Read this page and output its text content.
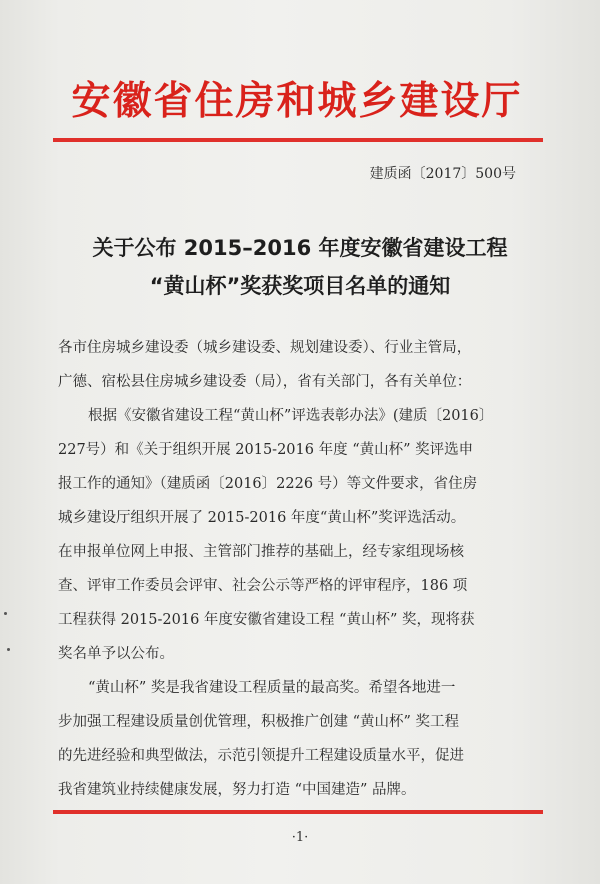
安徽省住房和城乡建设厅
建质函〔2017〕500号
关于公布 2015–2016 年度安徽省建设工程
“黄山杯”奖获奖项目名单的通知
各市住房城乡建设委（城乡建设委、规划建设委）、行业主管局，
广德、宿松县住房城乡建设委（局），省有关部门，各有关单位：
根据《安徽省建设工程“黄山杯”评选表彰办法》(建质〔2016〕
227号）和《关于组织开展 2015-2016 年度 “黄山杯” 奖评选申
报工作的通知》（建质函〔2016〕2226 号）等文件要求，省住房
城乡建设厅组织开展了 2015-2016 年度“黄山杯”奖评选活动。
在申报单位网上申报、主管部门推荐的基础上，经专家组现场核
查、评审工作委员会评审、社会公示等严格的评审程序，186 项
工程获得 2015-2016 年度安徽省建设工程 “黄山杯” 奖，现将获
奖名单予以公布。
“黄山杯” 奖是我省建设工程质量的最高奖。希望各地进一
步加强工程建设质量创优管理，积极推广创建 “黄山杯” 奖工程
的先进经验和典型做法，示范引领提升工程建设质量水平，促进
我省建筑业持续健康发展，努力打造 “中国建造” 品牌。
·1·
